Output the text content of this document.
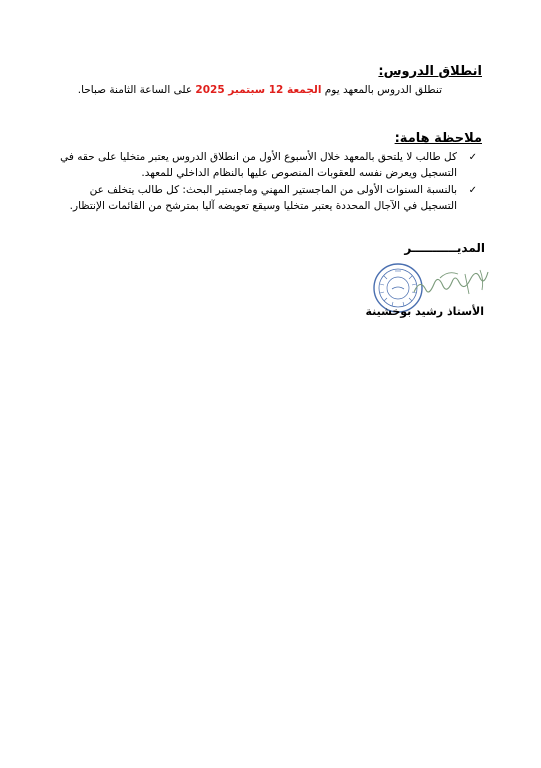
انطلاق الدروس:
تنطلق الدروس بالمعهد يوم الجمعة 12 سبتمبر 2025 على الساعة الثامنة صباحا.
ملاحظة هامة:
✓
كل طالب لا يلتحق بالمعهد خلال الأسبوع الأول من انطلاق الدروس يعتبر متخليا على حقه في التسجيل ويعرض نفسه للعقوبات المنصوص عليها بالنظام الداخلي للمعهد.
✓
بالنسبة السنوات الأولى من الماجستير المهني وماجستير البحث: كل طالب يتخلف عن التسجيل في الآجال المحددة يعتبر متخليا وسيقع تعويضه آليا بمترشح من القائمات الإنتظار.
المديـــــــــــر
الأستاذ رشيد بوخشينة
